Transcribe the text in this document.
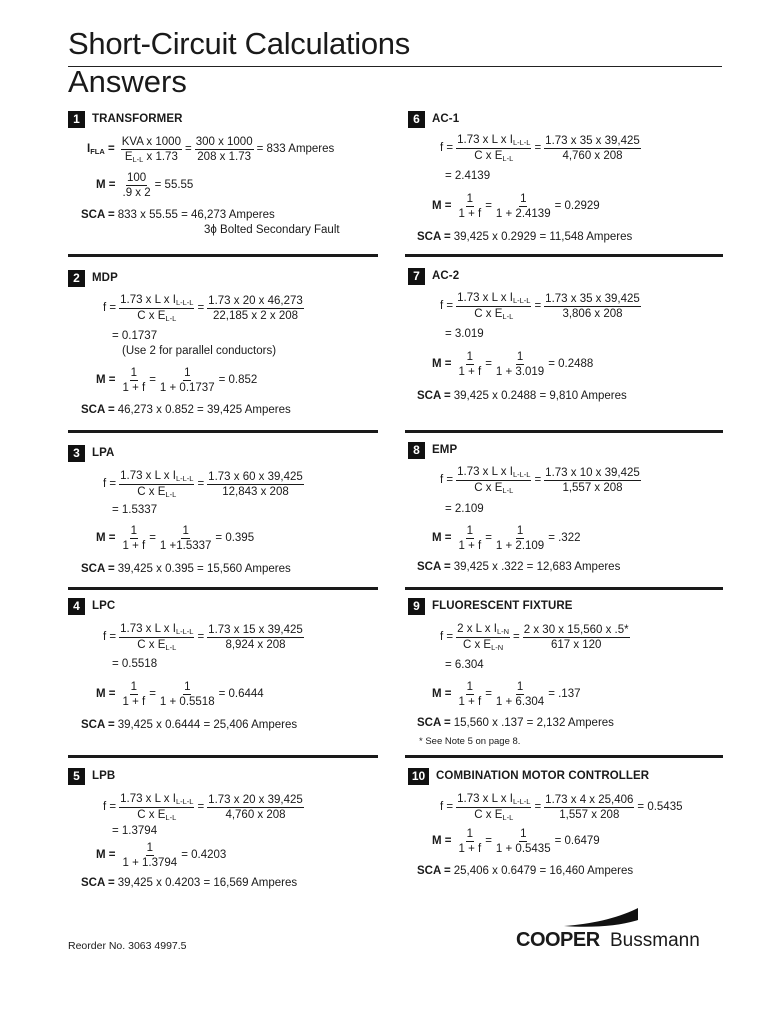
Short-Circuit Calculations
Answers
1	TRANSFORMER
$I_{FLA} = \frac{\text{KVA x 1000}}{E_{L-L} x 1.73} = \frac{300 x 1000}{208 x 1.73} = 833$ Amperes
$M = \frac{100}{.9 x 2} = 55.55$
SCA = 833 x 55.55 = 46,273 Amperes
3ϕ Bolted Secondary Fault
2	MDP
$f = \frac{1.73 x L x I_{L-L-L}}{C x E_{L-L}} = \frac{1.73 x 20 x 46,273}{22,185 x 2 x 208}$
= 0.1737
(Use 2 for parallel conductors)
$M = \frac{1}{1 + f} = \frac{1}{1 + 0.1737} = 0.852$
SCA = 46,273 x 0.852 = 39,425 Amperes
3	LPA
$f = \frac{1.73 x L x I_{L-L-L}}{C x E_{L-L}} = \frac{1.73 x 60 x 39,425}{12,843 x 208}$
= 1.5337
$M = \frac{1}{1 + f} = \frac{1}{1 +1.5337} = 0.395$
SCA = 39,425 x 0.395 = 15,560 Amperes
4	LPC
$f = \frac{1.73 x L x I_{L-L-L}}{C x E_{L-L}} = \frac{1.73 x 15 x 39,425}{8,924 x 208}$
= 0.5518
$M = \frac{1}{1 + f} = \frac{1}{1 + 0.5518} = 0.6444$
SCA = 39,425 x 0.6444 = 25,406 Amperes
5	LPB
$f = \frac{1.73 x L x I_{L-L-L}}{C x E_{L-L}} = \frac{1.73 x 20 x 39,425}{4,760 x 208}$
= 1.3794
$M = \frac{1}{1 + 1.3794} = 0.4203$
SCA = 39,425 x 0.4203 = 16,569 Amperes
6	AC-1
$f = \frac{1.73 x L x I_{L-L-L}}{C x E_{L-L}} = \frac{1.73 x 35 x 39,425}{4,760 x 208}$
= 2.4139
$M = \frac{1}{1 + f} = \frac{1}{1 + 2.4139} = 0.2929$
SCA = 39,425 x 0.2929 = 11,548 Amperes
7	AC-2
$f = \frac{1.73 x L x I_{L-L-L}}{C x E_{L-L}} = \frac{1.73 x 35 x 39,425}{3,806 x 208}$
= 3.019
$M = \frac{1}{1 + f} = \frac{1}{1 + 3.019} = 0.2488$
SCA = 39,425 x 0.2488 = 9,810 Amperes
8	EMP
$f = \frac{1.73 x L x I_{L-L-L}}{C x E_{L-L}} = \frac{1.73 x 10 x 39,425}{1,557 x 208}$
= 2.109
$M = \frac{1}{1 + f} = \frac{1}{1 + 2.109} = .322$
SCA = 39,425 x .322 = 12,683 Amperes
9	FLUORESCENT FIXTURE
$f = \frac{2 x L x I_{L-N}}{C x E_{L-N}} = \frac{2 x 30 x 15,560 x .5*}{617 x 120}$
= 6.304
$M = \frac{1}{1 + f} = \frac{1}{1 + 6.304} = .137$
SCA = 15,560 x .137 = 2,132 Amperes
* See Note 5 on page 8.
10 COMBINATION MOTOR CONTROLLER
$f = \frac{1.73 x L x I_{L-L-L}}{C x E_{L-L}} = \frac{1.73 x 4 x 25,406}{1,557 x 208} = 0.5435$
$M = \frac{1}{1 + f} = \frac{1}{1 + 0.5435} = 0.6479$
SCA = 25,406 x 0.6479 = 16,460 Amperes
Reorder No. 3063 4997.5	COOPER Bussmann
